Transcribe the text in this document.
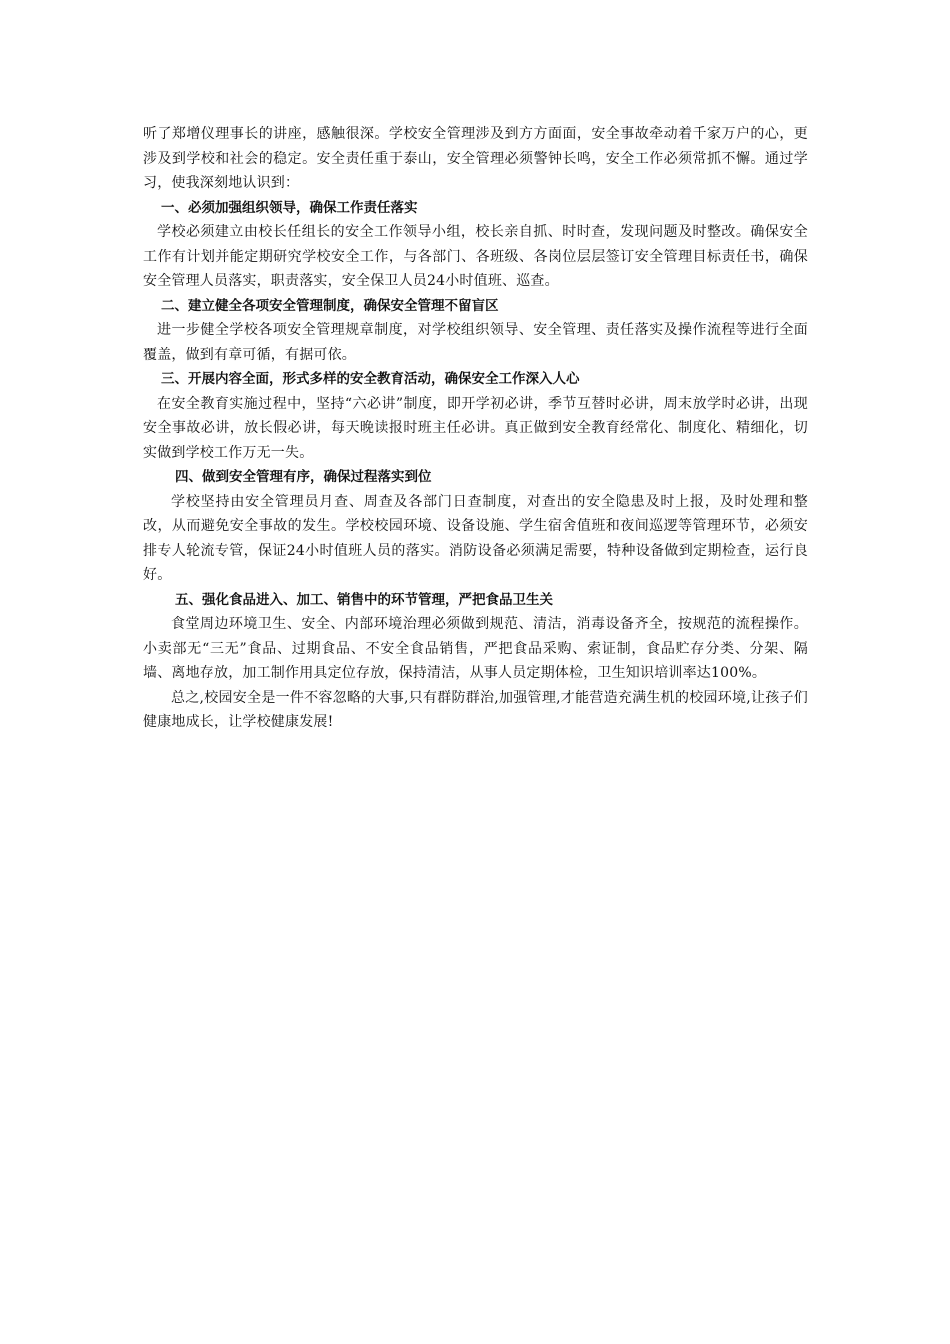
听了郑增仪理事长的讲座，感触很深。学校安全管理涉及到方方面面，安全事故牵动着千家万户的心，更涉及到学校和社会的稳定。安全责任重于泰山，安全管理必须警钟长鸣，安全工作必须常抓不懈。通过学习，使我深刻地认识到：

一、必须加强组织领导，确保工作责任落实

学校必须建立由校长任组长的安全工作领导小组，校长亲自抓、时时查，发现问题及时整改。确保安全工作有计划并能定期研究学校安全工作，与各部门、各班级、各岗位层层签订安全管理目标责任书，确保安全管理人员落实，职责落实，安全保卫人员24小时值班、巡查。

二、建立健全各项安全管理制度，确保安全管理不留盲区

进一步健全学校各项安全管理规章制度，对学校组织领导、安全管理、责任落实及操作流程等进行全面覆盖，做到有章可循，有据可依。

三、开展内容全面，形式多样的安全教育活动，确保安全工作深入人心

在安全教育实施过程中，坚持“六必讲”制度，即开学初必讲，季节互替时必讲，周末放学时必讲，出现安全事故必讲，放长假必讲，每天晚读报时班主任必讲。真正做到安全教育经常化、制度化、精细化，切实做到学校工作万无一失。

四、做到安全管理有序，确保过程落实到位

学校坚持由安全管理员月查、周查及各部门日查制度，对查出的安全隐患及时上报，及时处理和整改，从而避免安全事故的发生。学校校园环境、设备设施、学生宿舍值班和夜间巡逻等管理环节，必须安排专人轮流专管，保证24小时值班人员的落实。消防设备必须满足需要，特种设备做到定期检查，运行良好。

五、强化食品进入、加工、销售中的环节管理，严把食品卫生关

食堂周边环境卫生、安全、内部环境治理必须做到规范、清洁，消毒设备齐全，按规范的流程操作。小卖部无“三无”食品、过期食品、不安全食品销售，严把食品采购、索证制，食品贮存分类、分架、隔墙、离地存放，加工制作用具定位存放，保持清洁，从事人员定期体检，卫生知识培训率达100%。

总之,校园安全是一件不容忽略的大事,只有群防群治,加强管理,才能营造充满生机的校园环境,让孩子们健康地成长，让学校健康发展!
